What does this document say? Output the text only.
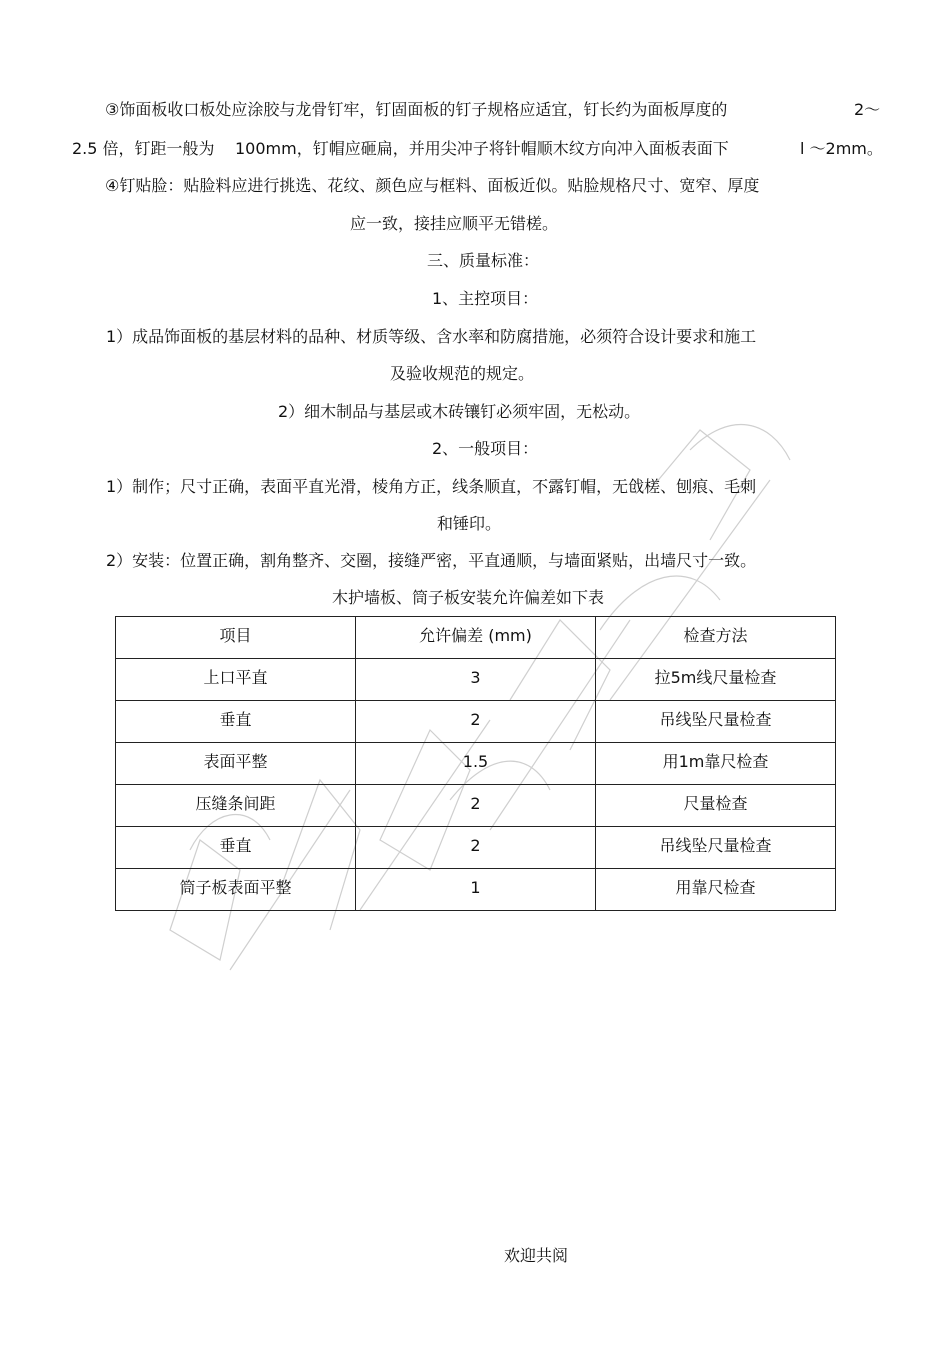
③饰面板收口板处应涂胶与龙骨钉牢，钉固面板的钉子规格应适宜，钉长约为面板厚度的	2～
2.5 倍，钉距一般为 100mm，钉帽应砸扁，并用尖冲子将针帽顺木纹方向冲入面板表面下	l ～2mm。
④钉贴脸：贴脸料应进行挑选、花纹、颜色应与框料、面板近似。贴脸规格尺寸、宽窄、厚度
应一致，接挂应顺平无错槎。
三、质量标准：
1、主控项目：
1）成品饰面板的基层材料的品种、材质等级、含水率和防腐措施，必须符合设计要求和施工
及验收规范的规定。
2）细木制品与基层或木砖镶钉必须牢固，无松动。
2、一般项目：
1）制作；尺寸正确，表面平直光滑，棱角方正，线条顺直，不露钉帽，无戗槎、刨痕、毛刺
和锤印。
2）安装：位置正确，割角整齐、交圈，接缝严密，平直通顺，与墙面紧贴，出墙尺寸一致。
木护墙板、筒子板安装允许偏差如下表
项目	允许偏差 (mm)	检查方法
上口平直	3	拉5m线尺量检查
垂直	2	吊线坠尺量检查
表面平整	1.5	用1m靠尺检查
压缝条间距	2	尺量检查
垂直	2	吊线坠尺量检查
筒子板表面平整	1	用靠尺检查
欢迎共阅
